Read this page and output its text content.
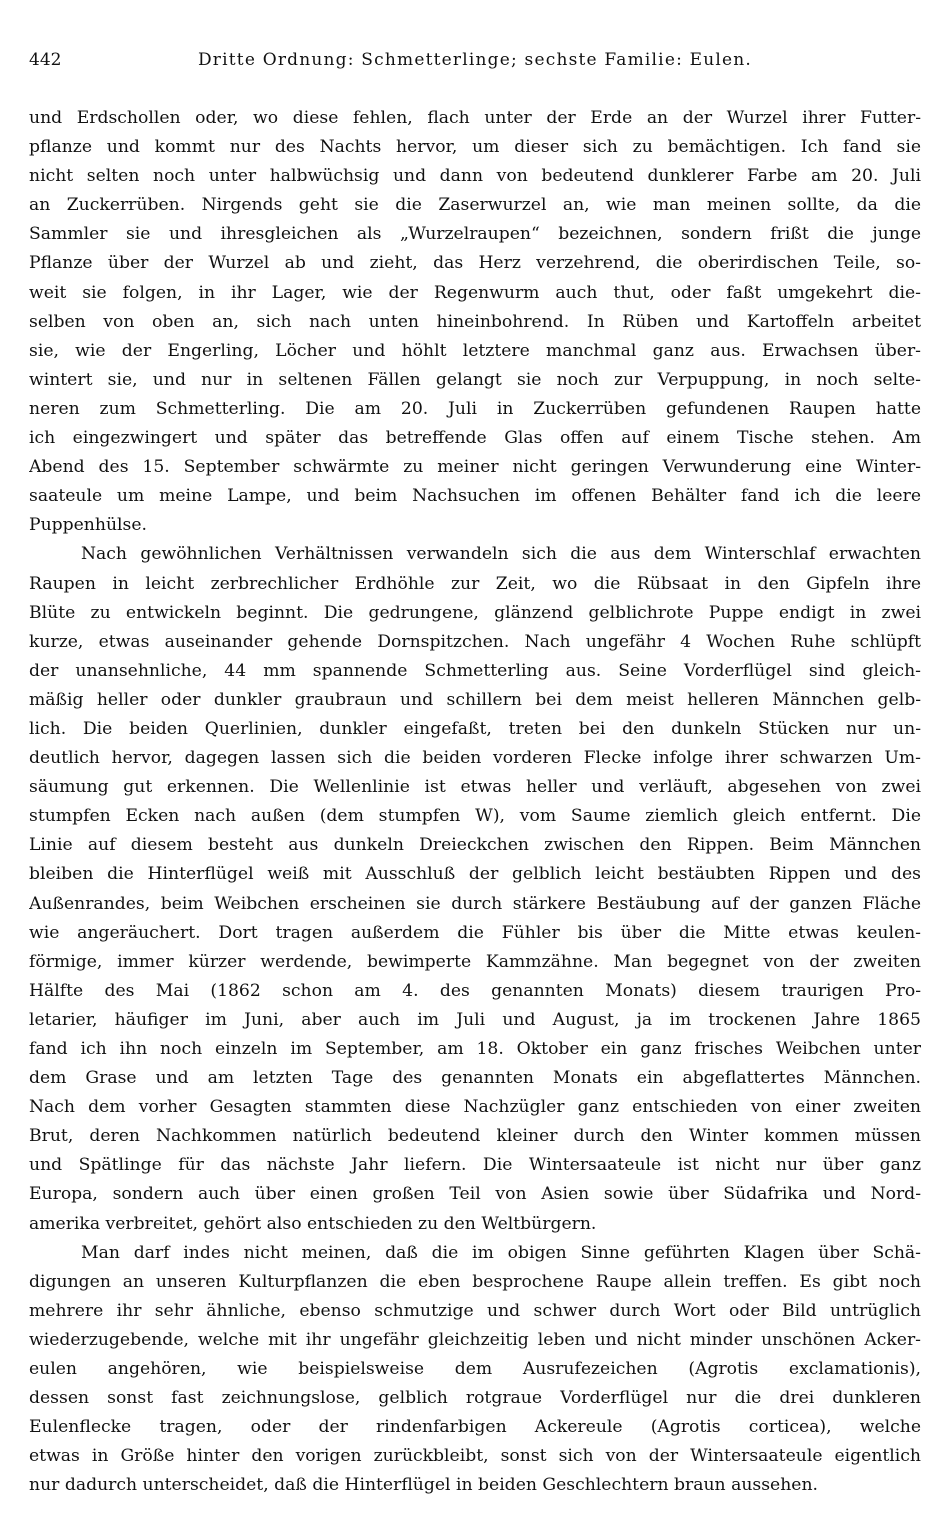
442	Dritte Ordnung: Schmetterlinge; sechste Familie: Eulen.
und Erdschollen oder, wo diese fehlen, flach unter der Erde an der Wurzel ihrer Futter-
pflanze und kommt nur des Nachts hervor, um dieser sich zu bemächtigen. Ich fand sie
nicht selten noch unter halbwüchsig und dann von bedeutend dunklerer Farbe am 20. Juli
an Zuckerrüben. Nirgends geht sie die Zaserwurzel an, wie man meinen sollte, da die
Sammler sie und ihresgleichen als „Wurzelraupen“ bezeichnen, sondern frißt die junge
Pflanze über der Wurzel ab und zieht, das Herz verzehrend, die oberirdischen Teile, so-
weit sie folgen, in ihr Lager, wie der Regenwurm auch thut, oder faßt umgekehrt die-
selben von oben an, sich nach unten hineinbohrend. In Rüben und Kartoffeln arbeitet
sie, wie der Engerling, Löcher und höhlt letztere manchmal ganz aus. Erwachsen über-
wintert sie, und nur in seltenen Fällen gelangt sie noch zur Verpuppung, in noch selte-
neren zum Schmetterling. Die am 20. Juli in Zuckerrüben gefundenen Raupen hatte
ich eingezwingert und später das betreffende Glas offen auf einem Tische stehen. Am
Abend des 15. September schwärmte zu meiner nicht geringen Verwunderung eine Winter-
saateule um meine Lampe, und beim Nachsuchen im offenen Behälter fand ich die leere
Puppenhülse.
Nach gewöhnlichen Verhältnissen verwandeln sich die aus dem Winterschlaf erwachten
Raupen in leicht zerbrechlicher Erdhöhle zur Zeit, wo die Rübsaat in den Gipfeln ihre
Blüte zu entwickeln beginnt. Die gedrungene, glänzend gelblichrote Puppe endigt in zwei
kurze, etwas auseinander gehende Dornspitzchen. Nach ungefähr 4 Wochen Ruhe schlüpft
der unansehnliche, 44 mm spannende Schmetterling aus. Seine Vorderflügel sind gleich-
mäßig heller oder dunkler graubraun und schillern bei dem meist helleren Männchen gelb-
lich. Die beiden Querlinien, dunkler eingefaßt, treten bei den dunkeln Stücken nur un-
deutlich hervor, dagegen lassen sich die beiden vorderen Flecke infolge ihrer schwarzen Um-
säumung gut erkennen. Die Wellenlinie ist etwas heller und verläuft, abgesehen von zwei
stumpfen Ecken nach außen (dem stumpfen W), vom Saume ziemlich gleich entfernt. Die
Linie auf diesem besteht aus dunkeln Dreieckchen zwischen den Rippen. Beim Männchen
bleiben die Hinterflügel weiß mit Ausschluß der gelblich leicht bestäubten Rippen und des
Außenrandes, beim Weibchen erscheinen sie durch stärkere Bestäubung auf der ganzen Fläche
wie angeräuchert. Dort tragen außerdem die Fühler bis über die Mitte etwas keulen-
förmige, immer kürzer werdende, bewimperte Kammzähne. Man begegnet von der zweiten
Hälfte des Mai (1862 schon am 4. des genannten Monats) diesem traurigen Pro-
letarier, häufiger im Juni, aber auch im Juli und August, ja im trockenen Jahre 1865
fand ich ihn noch einzeln im September, am 18. Oktober ein ganz frisches Weibchen unter
dem Grase und am letzten Tage des genannten Monats ein abgeflattertes Männchen.
Nach dem vorher Gesagten stammten diese Nachzügler ganz entschieden von einer zweiten
Brut, deren Nachkommen natürlich bedeutend kleiner durch den Winter kommen müssen
und Spätlinge für das nächste Jahr liefern. Die Wintersaateule ist nicht nur über ganz
Europa, sondern auch über einen großen Teil von Asien sowie über Südafrika und Nord-
amerika verbreitet, gehört also entschieden zu den Weltbürgern.
Man darf indes nicht meinen, daß die im obigen Sinne geführten Klagen über Schä-
digungen an unseren Kulturpflanzen die eben besprochene Raupe allein treffen. Es gibt noch
mehrere ihr sehr ähnliche, ebenso schmutzige und schwer durch Wort oder Bild untrüglich
wiederzugebende, welche mit ihr ungefähr gleichzeitig leben und nicht minder unschönen Acker-
eulen angehören, wie beispielsweise dem Ausrufezeichen (Agrotis exclamationis),
dessen sonst fast zeichnungslose, gelblich rotgraue Vorderflügel nur die drei dunkleren
Eulenflecke tragen, oder der rindenfarbigen Ackereule (Agrotis corticea), welche
etwas in Größe hinter den vorigen zurückbleibt, sonst sich von der Wintersaateule eigentlich
nur dadurch unterscheidet, daß die Hinterflügel in beiden Geschlechtern braun aussehen.
